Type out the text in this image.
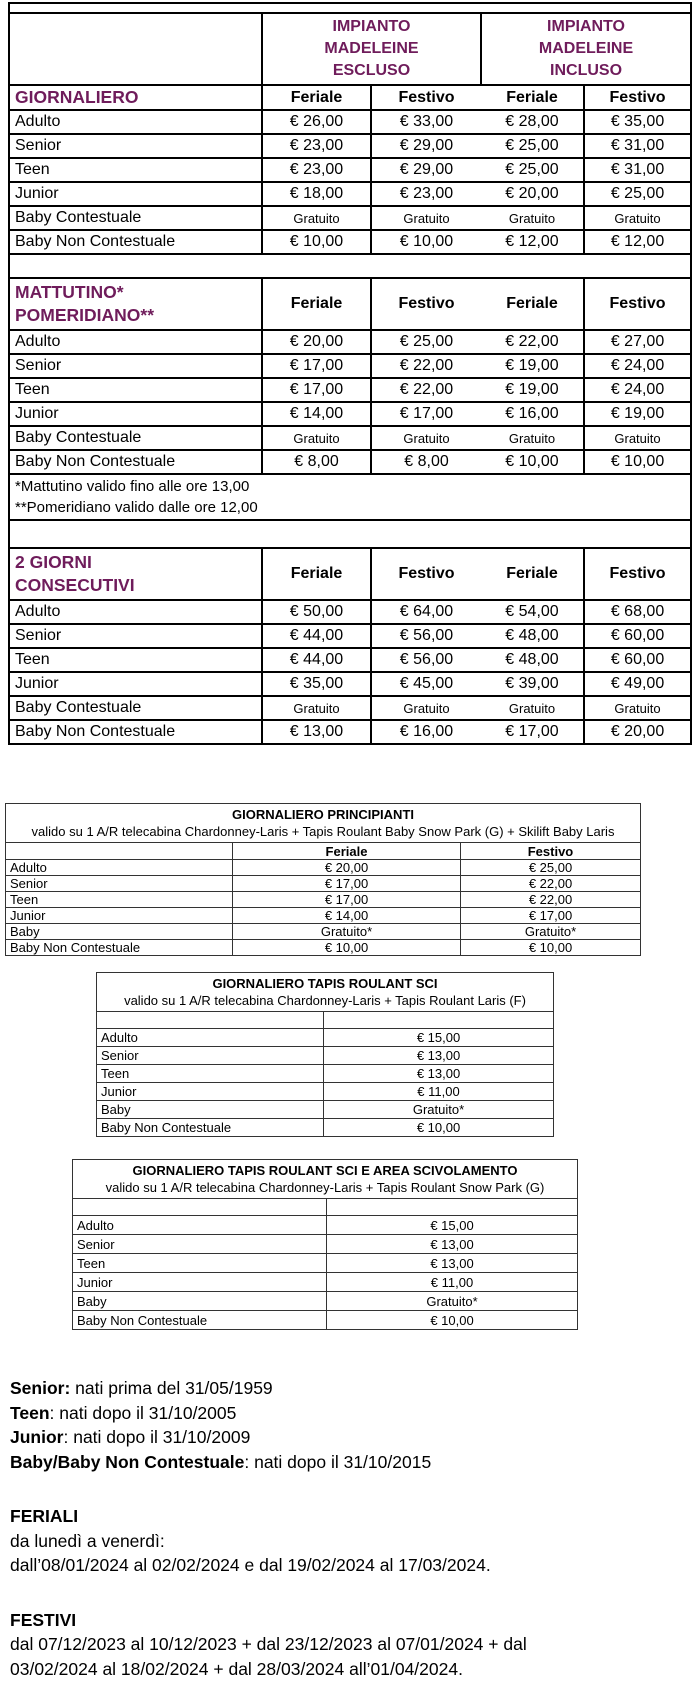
IMPIANTO
MADELEINE
ESCLUSO

IMPIANTO
MADELEINE
INCLUSO

GIORNALIERO	Feriale	Festivo	Feriale	Festivo
Adulto	€ 26,00	€ 33,00	€ 28,00	€ 35,00
Senior	€ 23,00	€ 29,00	€ 25,00	€ 31,00
Teen	€ 23,00	€ 29,00	€ 25,00	€ 31,00
Junior	€ 18,00	€ 23,00	€ 20,00	€ 25,00
Baby Contestuale	Gratuito	Gratuito	Gratuito	Gratuito
Baby Non Contestuale	€ 10,00	€ 10,00	€ 12,00	€ 12,00

MATTUTINO*
POMERIDIANO**	Feriale	Festivo	Feriale	Festivo
Adulto	€ 20,00	€ 25,00	€ 22,00	€ 27,00
Senior	€ 17,00	€ 22,00	€ 19,00	€ 24,00
Teen	€ 17,00	€ 22,00	€ 19,00	€ 24,00
Junior	€ 14,00	€ 17,00	€ 16,00	€ 19,00
Baby Contestuale	Gratuito	Gratuito	Gratuito	Gratuito
Baby Non Contestuale	€ 8,00	€ 8,00	€ 10,00	€ 10,00

*Mattutino valido fino alle ore 13,00
**Pomeridiano valido dalle ore 12,00				

2 GIORNI
CONSECUTIVI	Feriale	Festivo	Feriale	Festivo
Adulto	€ 50,00	€ 64,00	€ 54,00	€ 68,00
Senior	€ 44,00	€ 56,00	€ 48,00	€ 60,00
Teen	€ 44,00	€ 56,00	€ 48,00	€ 60,00
Junior	€ 35,00	€ 45,00	€ 39,00	€ 49,00
Baby Contestuale	Gratuito	Gratuito	Gratuito	Gratuito
Baby Non Contestuale	€ 13,00	€ 16,00	€ 17,00	€ 20,00
GIORNALIERO PRINCIPIANTI
valido su 1 A/R telecabina Chardonney-Laris + Tapis Roulant Baby Snow Park (G) + Skilift Baby Laris		

	Feriale	Festivo
Adulto	€ 20,00	€ 25,00
Senior	€ 17,00	€ 22,00
Teen	€ 17,00	€ 22,00
Junior	€ 14,00	€ 17,00
Baby	Gratuito*	Gratuito*
Baby Non Contestuale	€ 10,00	€ 10,00
GIORNALIERO TAPIS ROULANT SCI
valido su 1 A/R telecabina Chardonney-Laris + Tapis Roulant Laris (F)	

Adulto	€ 15,00
Senior	€ 13,00
Teen	€ 13,00
Junior	€ 11,00
Baby	Gratuito*
Baby Non Contestuale	€ 10,00
GIORNALIERO TAPIS ROULANT SCI E AREA SCIVOLAMENTO
valido su 1 A/R telecabina Chardonney-Laris + Tapis Roulant Snow Park (G)	

Adulto	€ 15,00
Senior	€ 13,00
Teen	€ 13,00
Junior	€ 11,00
Baby	Gratuito*
Baby Non Contestuale	€ 10,00
Senior: nati prima del 31/05/1959
Teen: nati dopo il 31/10/2005
Junior: nati dopo il 31/10/2009
Baby/Baby Non Contestuale: nati dopo il 31/10/2015
FERIALI
da lunedì a venerdì:
dall’08/01/2024 al 02/02/2024 e dal 19/02/2024 al 17/03/2024.
FESTIVI
dal 07/12/2023 al 10/12/2023 + dal 23/12/2023 al 07/01/2024 + dal
03/02/2024 al 18/02/2024 + dal 28/03/2024 all’01/04/2024.
